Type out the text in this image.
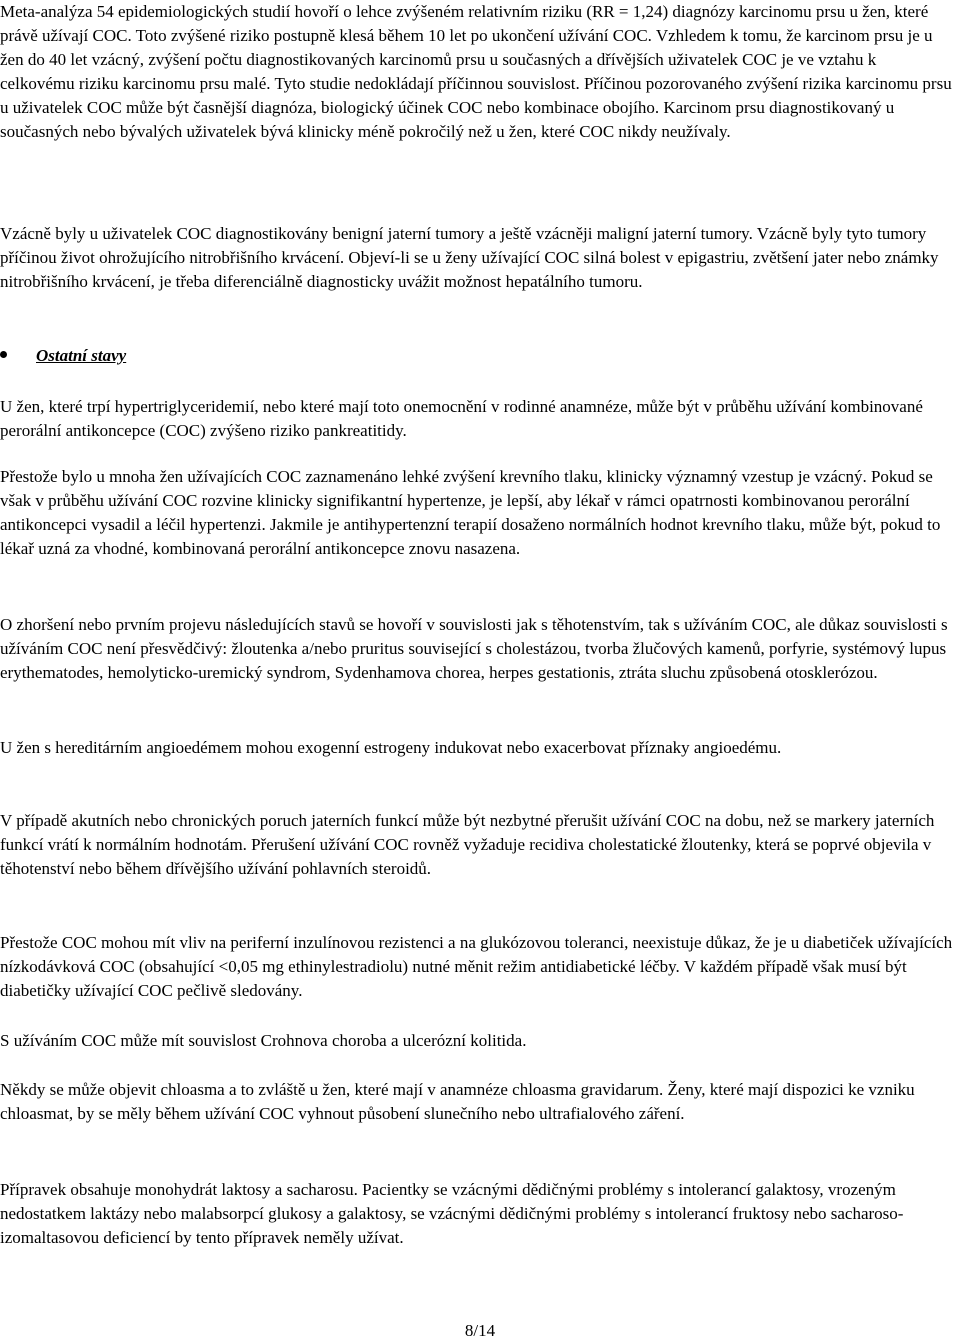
Meta-analýza 54 epidemiologických studií hovoří o lehce zvýšeném relativním riziku (RR = 1,24) diagnózy karcinomu prsu u žen, které právě užívají COC. Toto zvýšené riziko postupně klesá během 10 let po ukončení užívání COC. Vzhledem k tomu, že karcinom prsu je u žen do 40 let vzácný, zvýšení počtu diagnostikovaných karcinomů prsu u současných a dřívějších uživatelek COC je ve vztahu k celkovému riziku karcinomu prsu malé. Tyto studie nedokládají příčinnou souvislost. Příčinou pozorovaného zvýšení rizika karcinomu prsu u uživatelek COC může být časnější diagnóza, biologický účinek COC nebo kombinace obojího. Karcinom prsu diagnostikovaný u současných nebo bývalých uživatelek bývá klinicky méně pokročilý než u žen, které COC nikdy neužívaly.

Vzácně byly u uživatelek COC diagnostikovány benigní jaterní tumory a ještě vzácněji maligní jaterní tumory. Vzácně byly tyto tumory příčinou život ohrožujícího nitrobřišního krvácení. Objeví-li se u ženy užívající COC silná bolest v epigastriu, zvětšení jater nebo známky nitrobřišního krvácení, je třeba diferenciálně diagnosticky uvážit možnost hepatálního tumoru.

Ostatní stavy

U žen, které trpí hypertriglyceridemií, nebo které mají toto onemocnění v rodinné anamnéze, může být v průběhu užívání kombinované perorální antikoncepce (COC) zvýšeno riziko pankreatitidy.

Přestože bylo u mnoha žen užívajících COC zaznamenáno lehké zvýšení krevního tlaku, klinicky významný vzestup je vzácný. Pokud se však v průběhu užívání COC rozvine klinicky signifikantní hypertenze, je lepší, aby lékař v rámci opatrnosti kombinovanou perorální antikoncepci vysadil a léčil hypertenzi. Jakmile je antihypertenzní terapií dosaženo normálních hodnot krevního tlaku, může být, pokud to lékař uzná za vhodné, kombinovaná perorální antikoncepce znovu nasazena.

O zhoršení nebo prvním projevu následujících stavů se hovoří v souvislosti jak s těhotenstvím, tak s užíváním COC, ale důkaz souvislosti s užíváním COC není přesvědčivý: žloutenka a/nebo pruritus související s cholestázou, tvorba žlučových kamenů, porfyrie, systémový lupus erythematodes, hemolyticko-uremický syndrom, Sydenhamova chorea, herpes gestationis, ztráta sluchu způsobená otosklerózou.

U žen s hereditárním angioedémem mohou exogenní estrogeny indukovat nebo exacerbovat příznaky angioedému.

V případě akutních nebo chronických poruch jaterních funkcí může být nezbytné přerušit užívání COC na dobu, než se markery jaterních funkcí vrátí k normálním hodnotám. Přerušení užívání COC rovněž vyžaduje recidiva cholestatické žloutenky, která se poprvé objevila v těhotenství nebo během dřívějšího užívání pohlavních steroidů.

Přestože COC mohou mít vliv na periferní inzulínovou rezistenci a na glukózovou toleranci, neexistuje důkaz, že je u diabetiček užívajících nízkodávková COC (obsahující <0,05 mg ethinylestradiolu) nutné měnit režim antidiabetické léčby. V každém případě však musí být diabetičky užívající COC pečlivě sledovány.

S užíváním COC může mít souvislost Crohnova choroba a ulcerózní kolitida.

Někdy se může objevit chloasma a to zvláště u žen, které mají v anamnéze chloasma gravidarum. Ženy, které mají dispozici ke vzniku chloasmat, by se měly během užívání COC vyhnout působení slunečního nebo ultrafialového záření.

Přípravek obsahuje monohydrát laktosy a sacharosu. Pacientky se vzácnými dědičnými problémy s intolerancí galaktosy, vrozeným nedostatkem laktázy nebo malabsorpcí glukosy a galaktosy, se vzácnými dědičnými problémy s intolerancí fruktosy nebo sacharoso-izomaltasovou deficiencí by tento přípravek neměly užívat.

8/14
